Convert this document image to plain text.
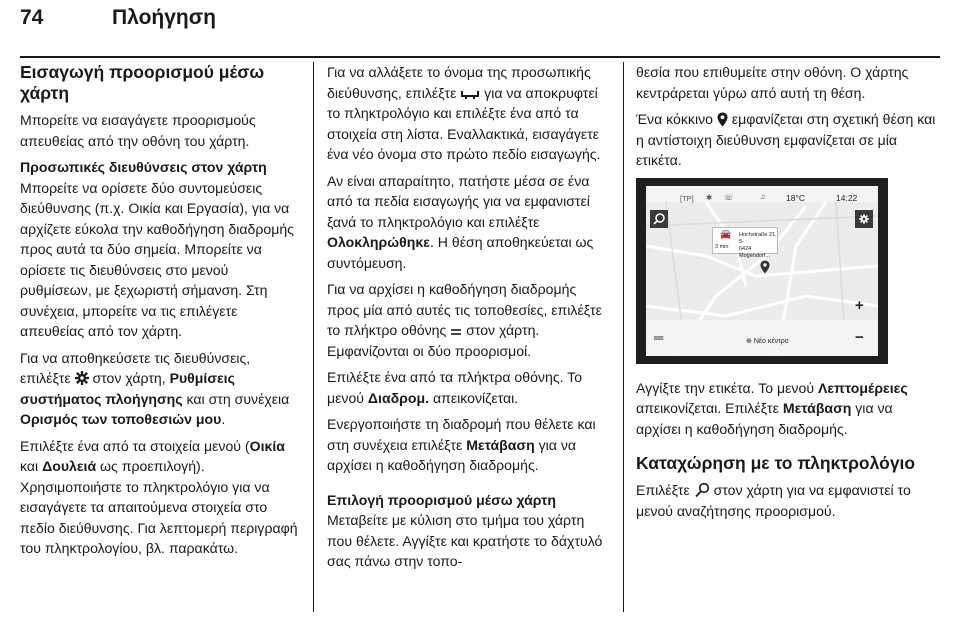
74	Πλοήγηση
Εισαγωγή προορισμού μέσω χάρτη

Μπορείτε να εισαγάγετε προορισμούς απευθείας από την οθόνη του χάρτη.

Προσωπικές διευθύνσεις στον χάρτη
Μπορείτε να ορίσετε δύο συντομεύσεις διεύθυνσης (π.χ. Οικία και Εργασία), για να αρχίζετε εύκολα την καθοδήγηση διαδρομής προς αυτά τα δύο σημεία. Μπορείτε να ορίσετε τις διευθύνσεις στο μενού ρυθμίσεων, με ξεχωριστή σήμανση. Στη συνέχεια, μπορείτε να τις επιλέγετε απευθείας από τον χάρτη.

Για να αποθηκεύσετε τις διευθύνσεις, επιλέξτε  στον χάρτη, Ρυθμίσεις συστήματος πλοήγησης και στη συνέχεια Ορισμός των τοποθεσιών μου.

Επιλέξτε ένα από τα στοιχεία μενού (Οικία και Δουλειά ως προεπιλογή). Χρησιμοποιήστε το πληκτρολόγιο για να εισαγάγετε τα απαιτούμενα στοιχεία στο πεδίο διεύθυνσης. Για λεπτομερή περιγραφή του πληκτρολογίου, βλ. παρακάτω.

Για να αλλάξετε το όνομα της προσωπικής διεύθυνσης, επιλέξτε  για να αποκρυφτεί το πληκτρολόγιο και επιλέξτε ένα από τα στοιχεία στη λίστα. Εναλλακτικά, εισαγάγετε ένα νέο όνομα στο πρώτο πεδίο εισαγωγής.

Αν είναι απαραίτητο, πατήστε μέσα σε ένα από τα πεδία εισαγωγής για να εμφανιστεί ξανά το πληκτρολόγιο και επιλέξτε Ολοκληρώθηκε. Η θέση αποθηκεύεται ως συντόμευση.

Για να αρχίσει η καθοδήγηση διαδρομής προς μία από αυτές τις τοποθεσίες, επιλέξτε το πλήκτρο οθόνης  στον χάρτη. Εμφανίζονται οι δύο προορισμοί.

Επιλέξτε ένα από τα πλήκτρα οθόνης. Το μενού Διαδρομ. απεικονίζεται.

Ενεργοποιήστε τη διαδρομή που θέλετε και στη συνέχεια επιλέξτε Μετάβαση για να αρχίσει η καθοδήγηση διαδρομής.

Επιλογή προορισμού μέσω χάρτη
Μεταβείτε με κύλιση στο τμήμα του χάρτη που θέλετε. Αγγίξτε και κρατήστε το δάχτυλό σας πάνω στην τοπο-

θεσία που επιθυμείτε στην οθόνη. Ο χάρτης κεντράρεται γύρω από αυτή τη θέση.

Ένα κόκκινο  εμφανίζεται στη σχετική θέση και η αντίστοιχη διεύθυνση εμφανίζεται σε μία ετικέτα.

[TP] ✱ ☏	♫ 18°C	14:22
🚘
3 min
Hochstraße 21, 5-
6424 Mogendorf...
+
═	⊕ Νέο κέντρο	−

Αγγίξτε την ετικέτα. Το μενού Λεπτομέρειες απεικονίζεται. Επιλέξτε Μετάβαση για να αρχίσει η καθοδήγηση διαδρομής.

Καταχώρηση με το πληκτρολόγιο

Επιλέξτε  στον χάρτη για να εμφανιστεί το μενού αναζήτησης προορισμού.
